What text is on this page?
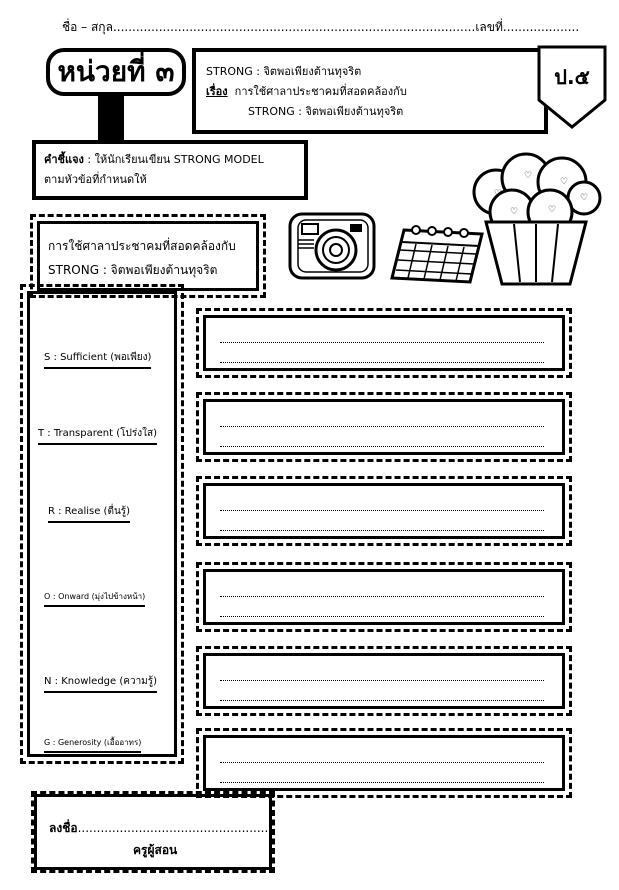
ชื่อ – สกุล...............................................................................................เลขที่....................
หน่วยที่ ๓	STRONG : จิตพอเพียงต้านทุจริต
เรื่อง การใช้ศาลาประชาคมที่สอดคล้องกับ
STRONG : จิตพอเพียงต้านทุจริต
ป.๕
คำชี้แจง : ให้นักเรียนเขียน STRONG MODEL
ตามหัวข้อที่กำหนดให้
♡
♡
♡
♡	♡
♡
การใช้ศาลาประชาคมที่สอดคล้องกับ
STRONG : จิตพอเพียงต้านทุจริต
S : Sufficient (พอเพียง)
T : Transparent (โปร่งใส)
R : Realise (ตื่นรู้)
O : Onward (มุ่งไปข้างหน้า)
N : Knowledge (ความรู้)
G : Generosity (เอื้ออาทร)
ลงชื่อ....................................................
ครูผู้สอน
